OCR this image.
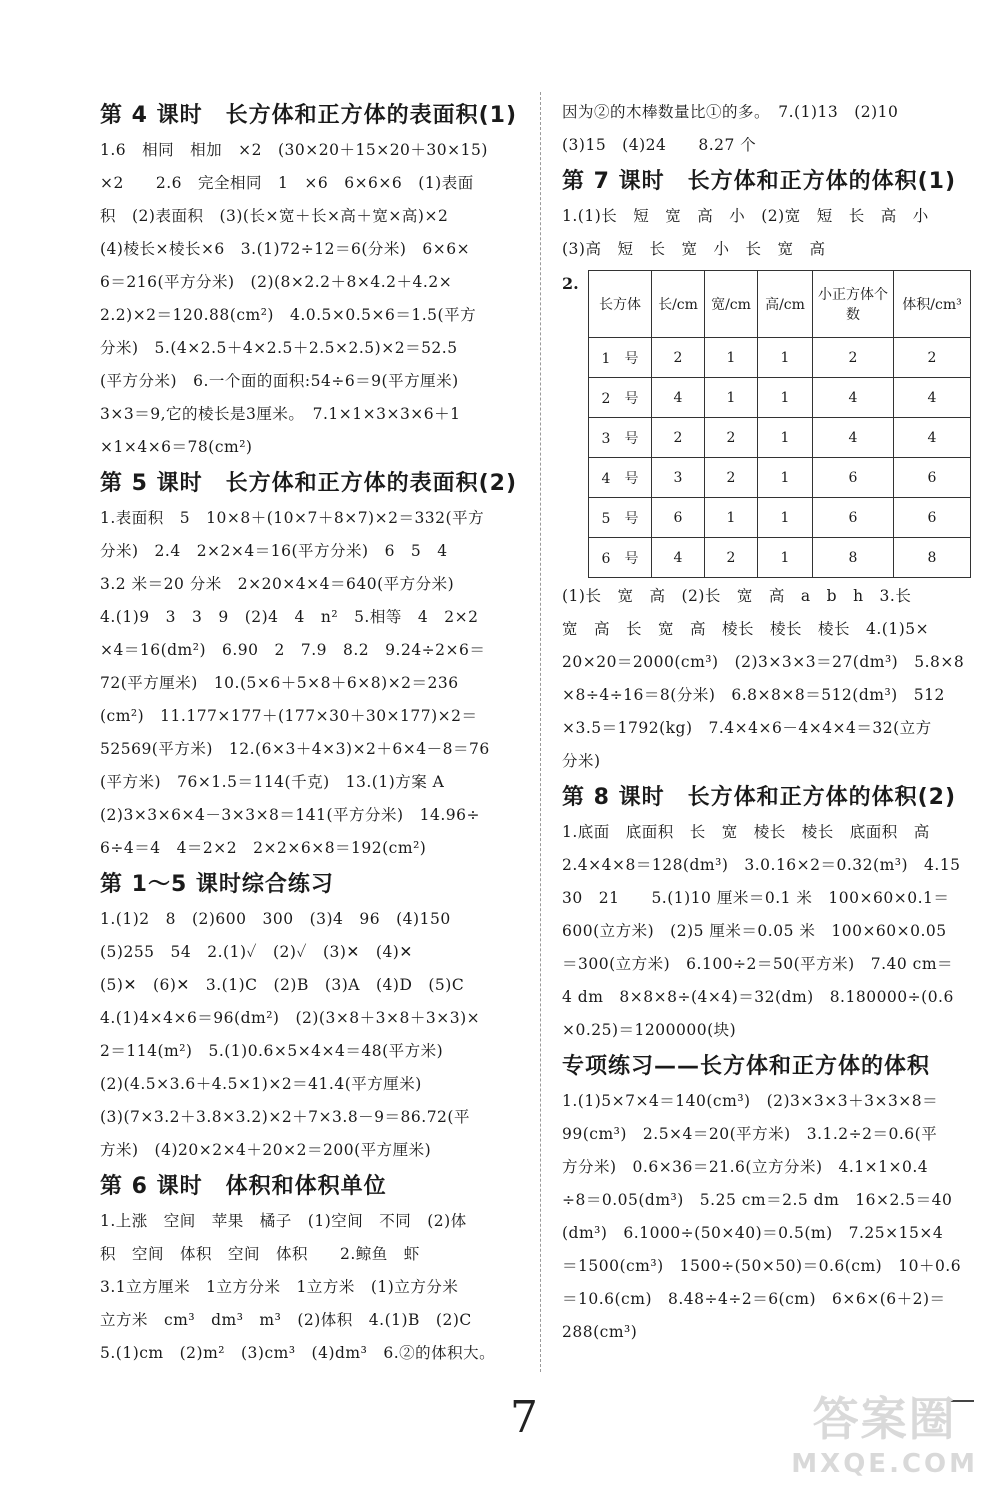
第 4 课时　长方体和正方体的表面积(1)
1.6　相同　相加　×2　(30×20＋15×20＋30×15)
×2　　2.6　完全相同　1　×6　6×6×6　(1)表面
积　(2)表面积　(3)(长×宽＋长×高＋宽×高)×2
(4)棱长×棱长×6　3.(1)72÷12＝6(分米)　6×6×
6＝216(平方分米)　(2)(8×2.2＋8×4.2＋4.2×
2.2)×2＝120.88(cm²)　4.0.5×0.5×6＝1.5(平方
分米)　5.(4×2.5＋4×2.5＋2.5×2.5)×2＝52.5
(平方分米)　6.一个面的面积:54÷6＝9(平方厘米)
3×3＝9,它的棱长是3厘米。　7.1×1×3×3×6＋1
×1×4×6＝78(cm²)
第 5 课时　长方体和正方体的表面积(2)
1.表面积　5　10×8＋(10×7＋8×7)×2＝332(平方
分米)　2.4　2×2×4＝16(平方分米)　6　5　4
3.2 米＝20 分米　2×20×4×4＝640(平方分米)
4.(1)9　3　3　9　(2)4　4　n²　5.相等　4　2×2
×4＝16(dm²)　6.90　2　7.9　8.2　9.24÷2×6＝
72(平方厘米)　10.(5×6＋5×8＋6×8)×2＝236
(cm²)　11.177×177＋(177×30＋30×177)×2＝
52569(平方米)　12.(6×3＋4×3)×2＋6×4－8＝76
(平方米)　76×1.5＝114(千克)　13.(1)方案 A
(2)3×3×6×4－3×3×8＝141(平方分米)　14.96÷
6÷4＝4　4＝2×2　2×2×6×8＝192(cm²)
第 1～5 课时综合练习
1.(1)2　8　(2)600　300　(3)4　96　(4)150
(5)255　54　2.(1)✓　(2)✓　(3)✕　(4)✕
(5)✕　(6)✕　3.(1)C　(2)B　(3)A　(4)D　(5)C
4.(1)4×4×6＝96(dm²)　(2)(3×8＋3×8＋3×3)×
2＝114(m²)　5.(1)0.6×5×4×4＝48(平方米)
(2)(4.5×3.6＋4.5×1)×2＝41.4(平方厘米)
(3)(7×3.2＋3.8×3.2)×2＋7×3.8－9＝86.72(平
方米)　(4)20×2×4＋20×2＝200(平方厘米)
第 6 课时　体积和体积单位
1.上涨　空间　苹果　橘子　(1)空间　不同　(2)体
积　空间　体积　空间　体积　　2.鲸鱼　虾
3.1立方厘米　1立方分米　1立方米　(1)立方分米
立方米　cm³　dm³　m³　(2)体积　4.(1)B　(2)C
5.(1)cm　(2)m²　(3)cm³　(4)dm³　6.②的体积大。
因为②的木棒数量比①的多。　7.(1)13　(2)10
(3)15　(4)24　　8.27 个
第 7 课时　长方体和正方体的体积(1)
1.(1)长　短　宽　高　小　(2)宽　短　长　高　小
(3)高　短　长　宽　小　长　宽　高
2.
长方体	长/cm	宽/cm	高/cm	小正方体个数	体积/cm³
1　号	2	1	1	2	2
2　号	4	1	1	4	4
3　号	2	2	1	4	4
4　号	3	2	1	6	6
5　号	6	1	1	6	6
6　号	4	2	1	8	8
(1)长　宽　高　(2)长　宽　高　a　b　h　3.长
宽　高　长　宽　高　棱长　棱长　棱长　4.(1)5×
20×20＝2000(cm³)　(2)3×3×3＝27(dm³)　5.8×8
×8÷4÷16＝8(分米)　6.8×8×8＝512(dm³)　512
×3.5＝1792(kg)　7.4×4×6－4×4×4＝32(立方
分米)
第 8 课时　长方体和正方体的体积(2)
1.底面　底面积　长　宽　棱长　棱长　底面积　高
2.4×4×8＝128(dm³)　3.0.16×2＝0.32(m³)　4.15
30　21　　5.(1)10 厘米＝0.1 米　100×60×0.1＝
600(立方米)　(2)5 厘米＝0.05 米　100×60×0.05
＝300(立方米)　6.100÷2＝50(平方米)　7.40 cm＝
4 dm　8×8×8÷(4×4)＝32(dm)　8.180000÷(0.6
×0.25)＝1200000(块)
专项练习——长方体和正方体的体积
1.(1)5×7×4＝140(cm³)　(2)3×3×3＋3×3×8＝
99(cm³)　2.5×4＝20(平方米)　3.1.2÷2＝0.6(平
方分米)　0.6×36＝21.6(立方分米)　4.1×1×0.4
÷8＝0.05(dm³)　5.25 cm＝2.5 dm　16×2.5＝40
(dm³)　6.1000÷(50×40)＝0.5(m)　7.25×15×4
＝1500(cm³)　1500÷(50×50)＝0.6(cm)　10＋0.6
＝10.6(cm)　8.48÷4÷2＝6(cm)　6×6×(6＋2)＝
288(cm³)
7	答案圈
MXQE.COM
